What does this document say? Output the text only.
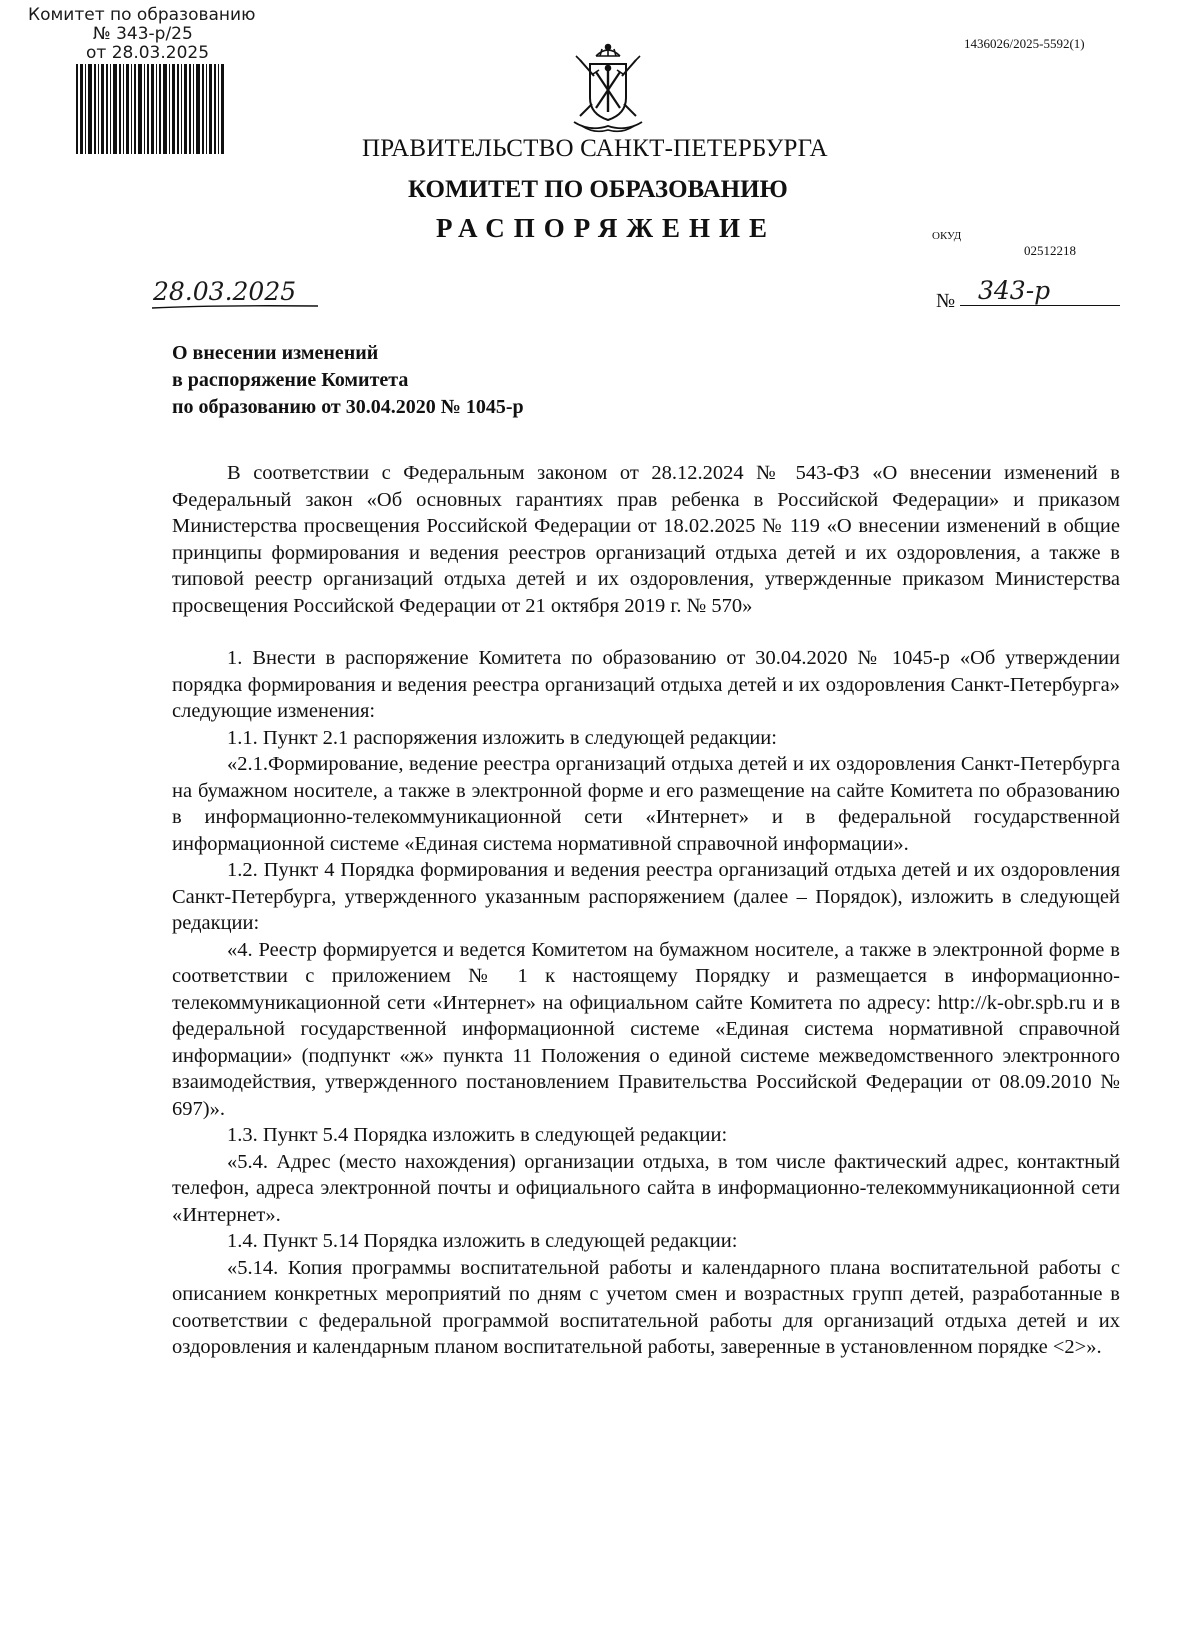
Комитет по образованию
№ 343-р/25
от 28.03.2025	1436026/2025-5592(1)
ПРАВИТЕЛЬСТВО САНКТ-ПЕТЕРБУРГА
КОМИТЕТ ПО ОБРАЗОВАНИЮ
РАСПОРЯЖЕНИЕ	ОКУД
02512218
28.03.2025	№ 343-р
О внесении изменений
в распоряжение Комитета
по образованию от 30.04.2020 № 1045-р

В соответствии с Федеральным законом от 28.12.2024 № 543-ФЗ «О внесении изменений в Федеральный закон «Об основных гарантиях прав ребенка в Российской Федерации» и приказом Министерства просвещения Российской Федерации от 18.02.2025 № 119 «О внесении изменений в общие принципы формирования и ведения реестров организаций отдыха детей и их оздоровления, а также в типовой реестр организаций отдыха детей и их оздоровления, утвержденные приказом Министерства просвещения Российской Федерации от 21 октября 2019 г. № 570»

1. Внести в распоряжение Комитета по образованию от 30.04.2020 № 1045-р «Об утверждении порядка формирования и ведения реестра организаций отдыха детей и их оздоровления Санкт-Петербурга» следующие изменения:

1.1. Пункт 2.1 распоряжения изложить в следующей редакции:

«2.1.Формирование, ведение реестра организаций отдыха детей и их оздоровления Санкт-Петербурга на бумажном носителе, а также в электронной форме и его размещение на сайте Комитета по образованию в информационно-телекоммуникационной сети «Интернет» и в федеральной государственной информационной системе «Единая система нормативной справочной информации».

1.2. Пункт 4 Порядка формирования и ведения реестра организаций отдыха детей и их оздоровления Санкт-Петербурга, утвержденного указанным распоряжением (далее – Порядок), изложить в следующей редакции:

«4. Реестр формируется и ведется Комитетом на бумажном носителе, а также в электронной форме в соответствии с приложением № 1 к настоящему Порядку и размещается в информационно-телекоммуникационной сети «Интернет» на официальном сайте Комитета по адресу: http://k-obr.spb.ru и в федеральной государственной информационной системе «Единая система нормативной справочной информации» (подпункт «ж» пункта 11 Положения о единой системе межведомственного электронного взаимодействия, утвержденного постановлением Правительства Российской Федерации от 08.09.2010 № 697)».

1.3. Пункт 5.4 Порядка изложить в следующей редакции:

«5.4. Адрес (место нахождения) организации отдыха, в том числе фактический адрес, контактный телефон, адреса электронной почты и официального сайта в информационно-телекоммуникационной сети «Интернет».

1.4. Пункт 5.14 Порядка изложить в следующей редакции:

«5.14. Копия программы воспитательной работы и календарного плана воспитательной работы с описанием конкретных мероприятий по дням с учетом смен и возрастных групп детей, разработанные в соответствии с федеральной программой воспитательной работы для организаций отдыха детей и их оздоровления и календарным планом воспитательной работы, заверенные в установленном порядке <2>».
